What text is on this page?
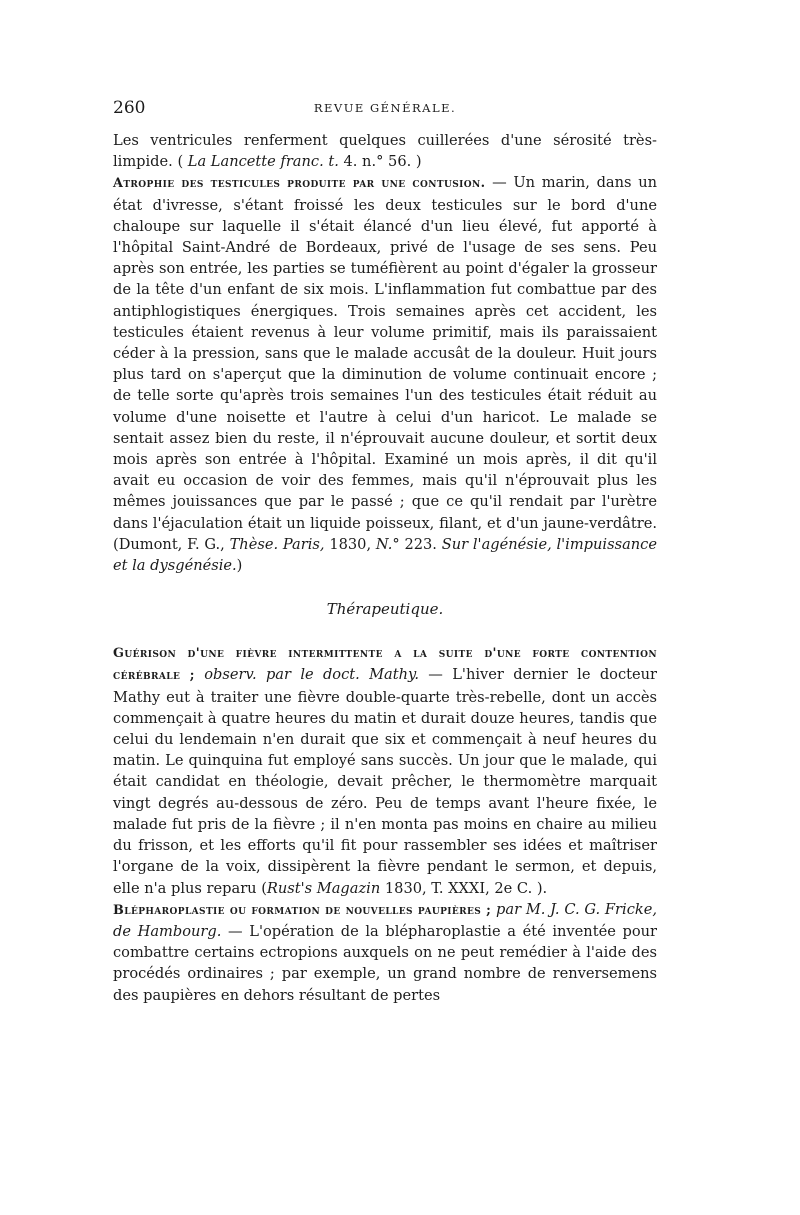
260	REVUE GÉNÉRALE.

Les ventricules renferment quelques cuillerées d'une sérosité très-limpide. ( La Lancette franc. t. 4. n.° 56. )

Atrophie des testicules produite par une contusion. — Un marin, dans un état d'ivresse, s'étant froissé les deux testicules sur le bord d'une chaloupe sur laquelle il s'était élancé d'un lieu élevé, fut apporté à l'hôpital Saint-André de Bordeaux, privé de l'usage de ses sens. Peu après son entrée, les parties se tuméfièrent au point d'égaler la grosseur de la tête d'un enfant de six mois. L'inflammation fut combattue par des antiphlogistiques énergiques. Trois semaines après cet accident, les testicules étaient revenus à leur volume primitif, mais ils paraissaient céder à la pression, sans que le malade accusât de la douleur. Huit jours plus tard on s'aperçut que la diminution de volume continuait encore ; de telle sorte qu'après trois semaines l'un des testicules était réduit au volume d'une noisette et l'autre à celui d'un haricot. Le malade se sentait assez bien du reste, il n'éprouvait aucune douleur, et sortit deux mois après son entrée à l'hôpital. Examiné un mois après, il dit qu'il avait eu occasion de voir des femmes, mais qu'il n'éprouvait plus les mêmes jouissances que par le passé ; que ce qu'il rendait par l'urètre dans l'éjaculation était un liquide poisseux, filant, et d'un jaune-verdâtre. (Dumont, F. G., Thèse. Paris, 1830, N.° 223. Sur l'agénésie, l'impuissance et la dysgénésie.)

Thérapeutique.

Guérison d'une fièvre intermittente a la suite d'une forte contention cérébrale ; observ. par le doct. Mathy. — L'hiver dernier le docteur Mathy eut à traiter une fièvre double-quarte très-rebelle, dont un accès commençait à quatre heures du matin et durait douze heures, tandis que celui du lendemain n'en durait que six et commençait à neuf heures du matin. Le quinquina fut employé sans succès. Un jour que le malade, qui était candidat en théologie, devait prêcher, le thermomètre marquait vingt degrés au-dessous de zéro. Peu de temps avant l'heure fixée, le malade fut pris de la fièvre ; il n'en monta pas moins en chaire au milieu du frisson, et les efforts qu'il fit pour rassembler ses idées et maîtriser l'organe de la voix, dissipèrent la fièvre pendant le sermon, et depuis, elle n'a plus reparu (Rust's Magazin 1830, T. XXXI, 2e C. ).

Blépharoplastie ou formation de nouvelles paupières ; par M. J. C. G. Fricke, de Hambourg. — L'opération de la blépharoplastie a été inventée pour combattre certains ectropions auxquels on ne peut remédier à l'aide des procédés ordinaires ; par exemple, un grand nombre de renversemens des paupières en dehors résultant de pertes
